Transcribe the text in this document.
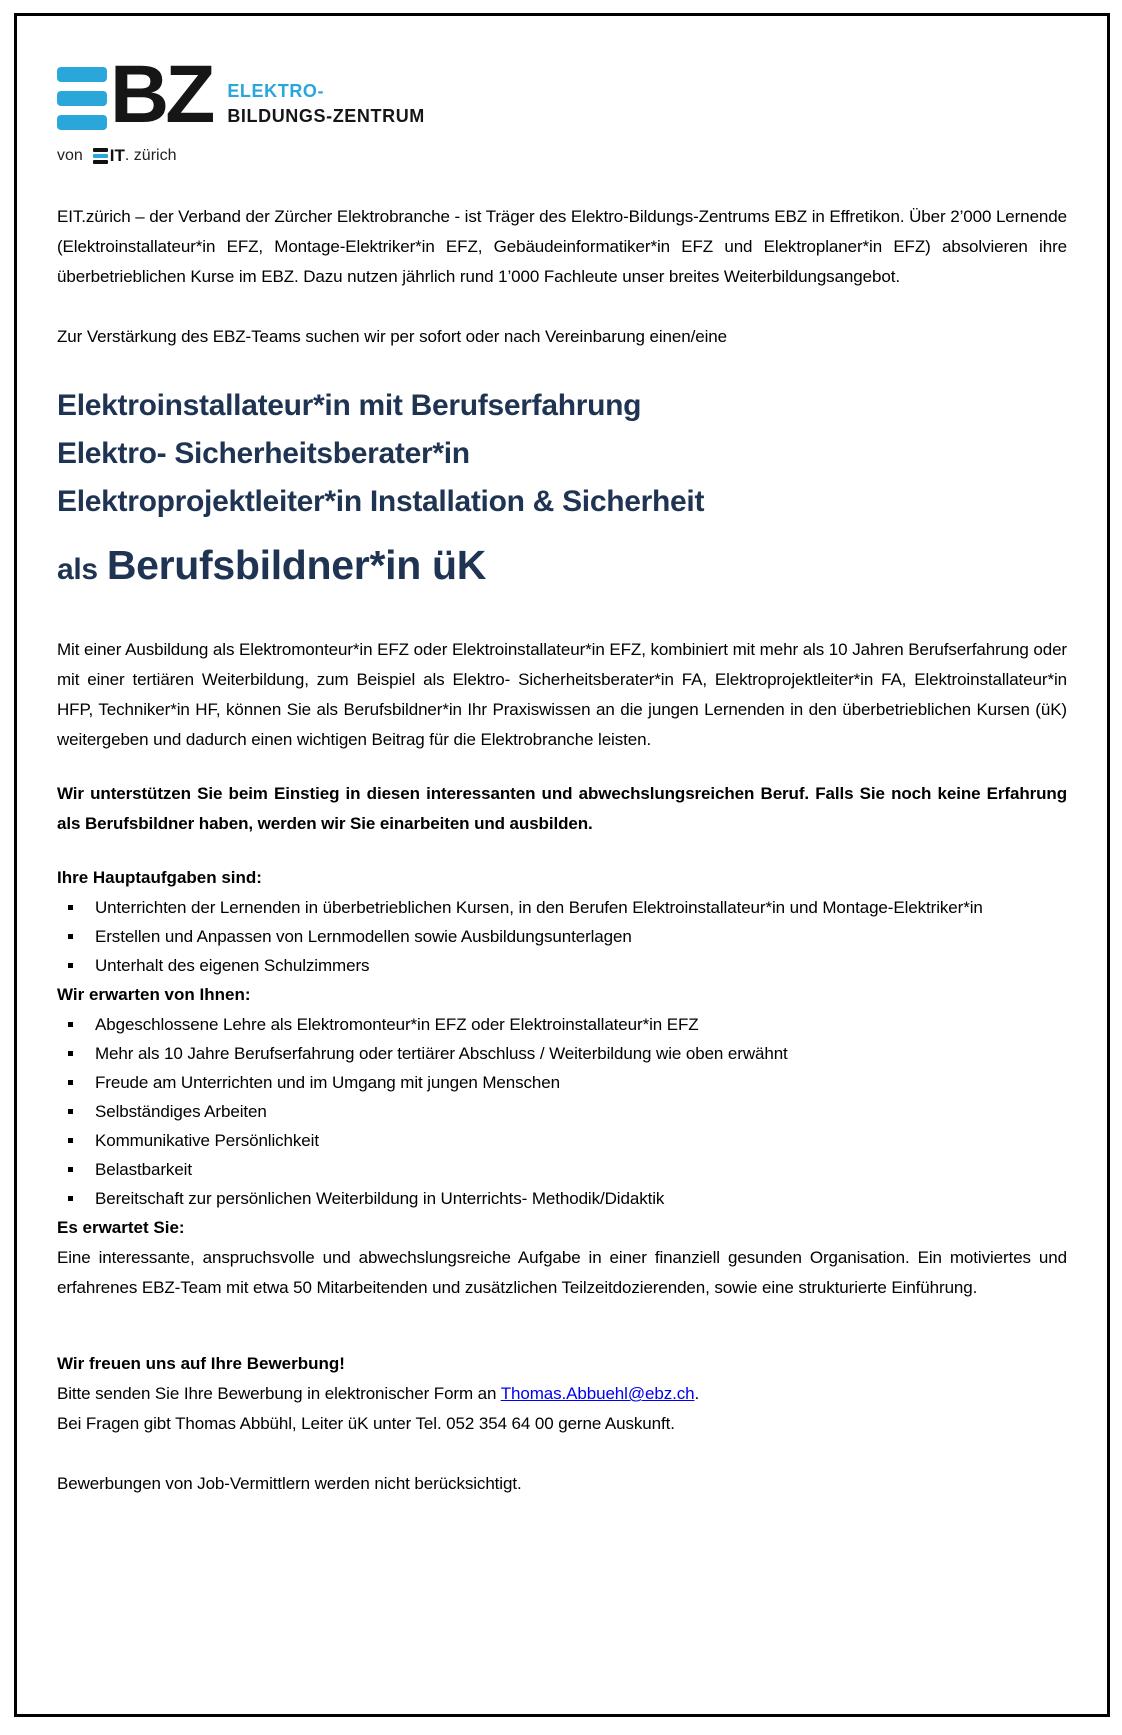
BZ ELEKTRO-
BILDUNGS-ZENTRUM
von IT . zürich

EIT.zürich – der Verband der Zürcher Elektrobranche - ist Träger des Elektro-Bildungs-Zentrums EBZ in Effretikon. Über 2’000 Lernende (Elektroinstallateur*in EFZ, Montage-Elektriker*in EFZ, Gebäudeinformatiker*in EFZ und Elektroplaner*in EFZ) absolvieren ihre überbetrieblichen Kurse im EBZ. Dazu nutzen jährlich rund 1’000 Fachleute unser breites Weiterbildungsangebot.

Zur Verstärkung des EBZ-Teams suchen wir per sofort oder nach Vereinbarung einen/eine

Elektroinstallateur*in mit Berufserfahrung
Elektro- Sicherheitsberater*in
Elektroprojektleiter*in Installation & Sicherheit
als Berufsbildner*in üK

Mit einer Ausbildung als Elektromonteur*in EFZ oder Elektroinstallateur*in EFZ, kombiniert mit mehr als 10 Jahren Berufserfahrung oder mit einer tertiären Weiterbildung, zum Beispiel als Elektro- Sicherheitsberater*in FA, Elektroprojektleiter*in FA, Elektroinstallateur*in HFP, Techniker*in HF, können Sie als Berufsbildner*in Ihr Praxiswissen an die jungen Lernenden in den überbetrieblichen Kursen (üK) weitergeben und dadurch einen wichtigen Beitrag für die Elektrobranche leisten.

Wir unterstützen Sie beim Einstieg in diesen interessanten und abwechslungsreichen Beruf. Falls Sie noch keine Erfahrung als Berufsbildner haben, werden wir Sie einarbeiten und ausbilden.

Ihre Hauptaufgaben sind:

Unterrichten der Lernenden in überbetrieblichen Kursen, in den Berufen Elektroinstallateur*in und Montage-Elektriker*in
Erstellen und Anpassen von Lernmodellen sowie Ausbildungsunterlagen
Unterhalt des eigenen Schulzimmers

Wir erwarten von Ihnen:

Abgeschlossene Lehre als Elektromonteur*in EFZ oder Elektroinstallateur*in EFZ
Mehr als 10 Jahre Berufserfahrung oder tertiärer Abschluss / Weiterbildung wie oben erwähnt
Freude am Unterrichten und im Umgang mit jungen Menschen
Selbständiges Arbeiten
Kommunikative Persönlichkeit
Belastbarkeit
Bereitschaft zur persönlichen Weiterbildung in Unterrichts- Methodik/Didaktik

Es erwartet Sie:

Eine interessante, anspruchsvolle und abwechslungsreiche Aufgabe in einer finanziell gesunden Organisation. Ein motiviertes und erfahrenes EBZ-Team mit etwa 50 Mitarbeitenden und zusätzlichen Teilzeitdozierenden, sowie eine strukturierte Einführung.

Wir freuen uns auf Ihre Bewerbung!

Bitte senden Sie Ihre Bewerbung in elektronischer Form an Thomas.Abbuehl@ebz.ch.

Bei Fragen gibt Thomas Abbühl, Leiter üK unter Tel. 052 354 64 00 gerne Auskunft.

Bewerbungen von Job-Vermittlern werden nicht berücksichtigt.
